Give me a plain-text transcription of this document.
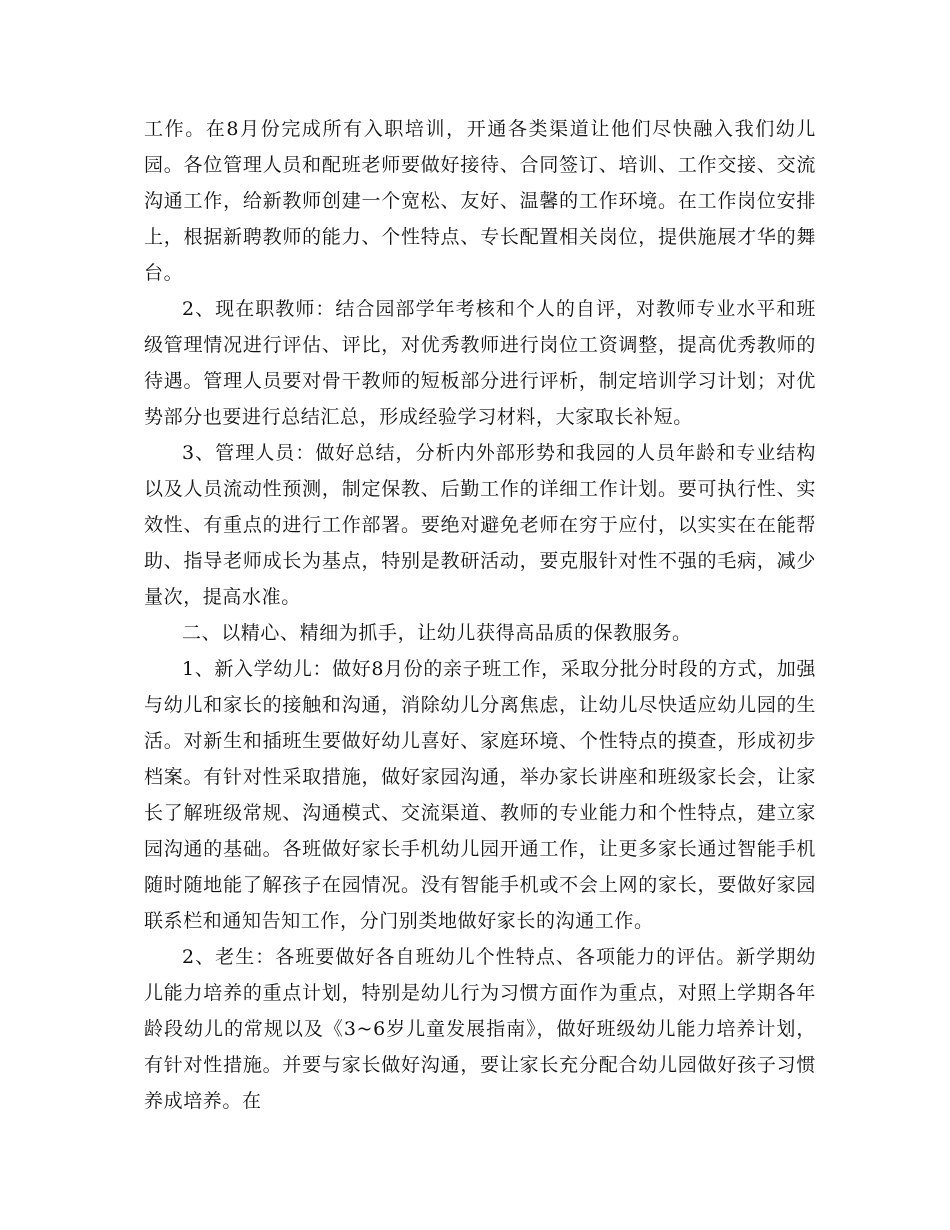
工作。在8月份完成所有入职培训，开通各类渠道让他们尽快融入我们幼儿园。各位管理人员和配班老师要做好接待、合同签订、培训、工作交接、交流沟通工作，给新教师创建一个宽松、友好、温馨的工作环境。在工作岗位安排上，根据新聘教师的能力、个性特点、专长配置相关岗位，提供施展才华的舞台。

2、现在职教师：结合园部学年考核和个人的自评，对教师专业水平和班级管理情况进行评估、评比，对优秀教师进行岗位工资调整，提高优秀教师的待遇。管理人员要对骨干教师的短板部分进行评析，制定培训学习计划；对优势部分也要进行总结汇总，形成经验学习材料，大家取长补短。

3、管理人员：做好总结，分析内外部形势和我园的人员年龄和专业结构以及人员流动性预测，制定保教、后勤工作的详细工作计划。要可执行性、实效性、有重点的进行工作部署。要绝对避免老师在穷于应付，以实实在在能帮助、指导老师成长为基点，特别是教研活动，要克服针对性不强的毛病，减少量次，提高水准。

二、以精心、精细为抓手，让幼儿获得高品质的保教服务。

1、新入学幼儿：做好8月份的亲子班工作，采取分批分时段的方式，加强与幼儿和家长的接触和沟通，消除幼儿分离焦虑，让幼儿尽快适应幼儿园的生活。对新生和插班生要做好幼儿喜好、家庭环境、个性特点的摸查，形成初步档案。有针对性采取措施，做好家园沟通，举办家长讲座和班级家长会，让家长了解班级常规、沟通模式、交流渠道、教师的专业能力和个性特点，建立家园沟通的基础。各班做好家长手机幼儿园开通工作，让更多家长通过智能手机随时随地能了解孩子在园情况。没有智能手机或不会上网的家长，要做好家园联系栏和通知告知工作，分门别类地做好家长的沟通工作。

2、老生：各班要做好各自班幼儿个性特点、各项能力的评估。新学期幼儿能力培养的重点计划，特别是幼儿行为习惯方面作为重点，对照上学期各年龄段幼儿的常规以及《3~6岁儿童发展指南》，做好班级幼儿能力培养计划，有针对性措施。并要与家长做好沟通，要让家长充分配合幼儿园做好孩子习惯养成培养。在
